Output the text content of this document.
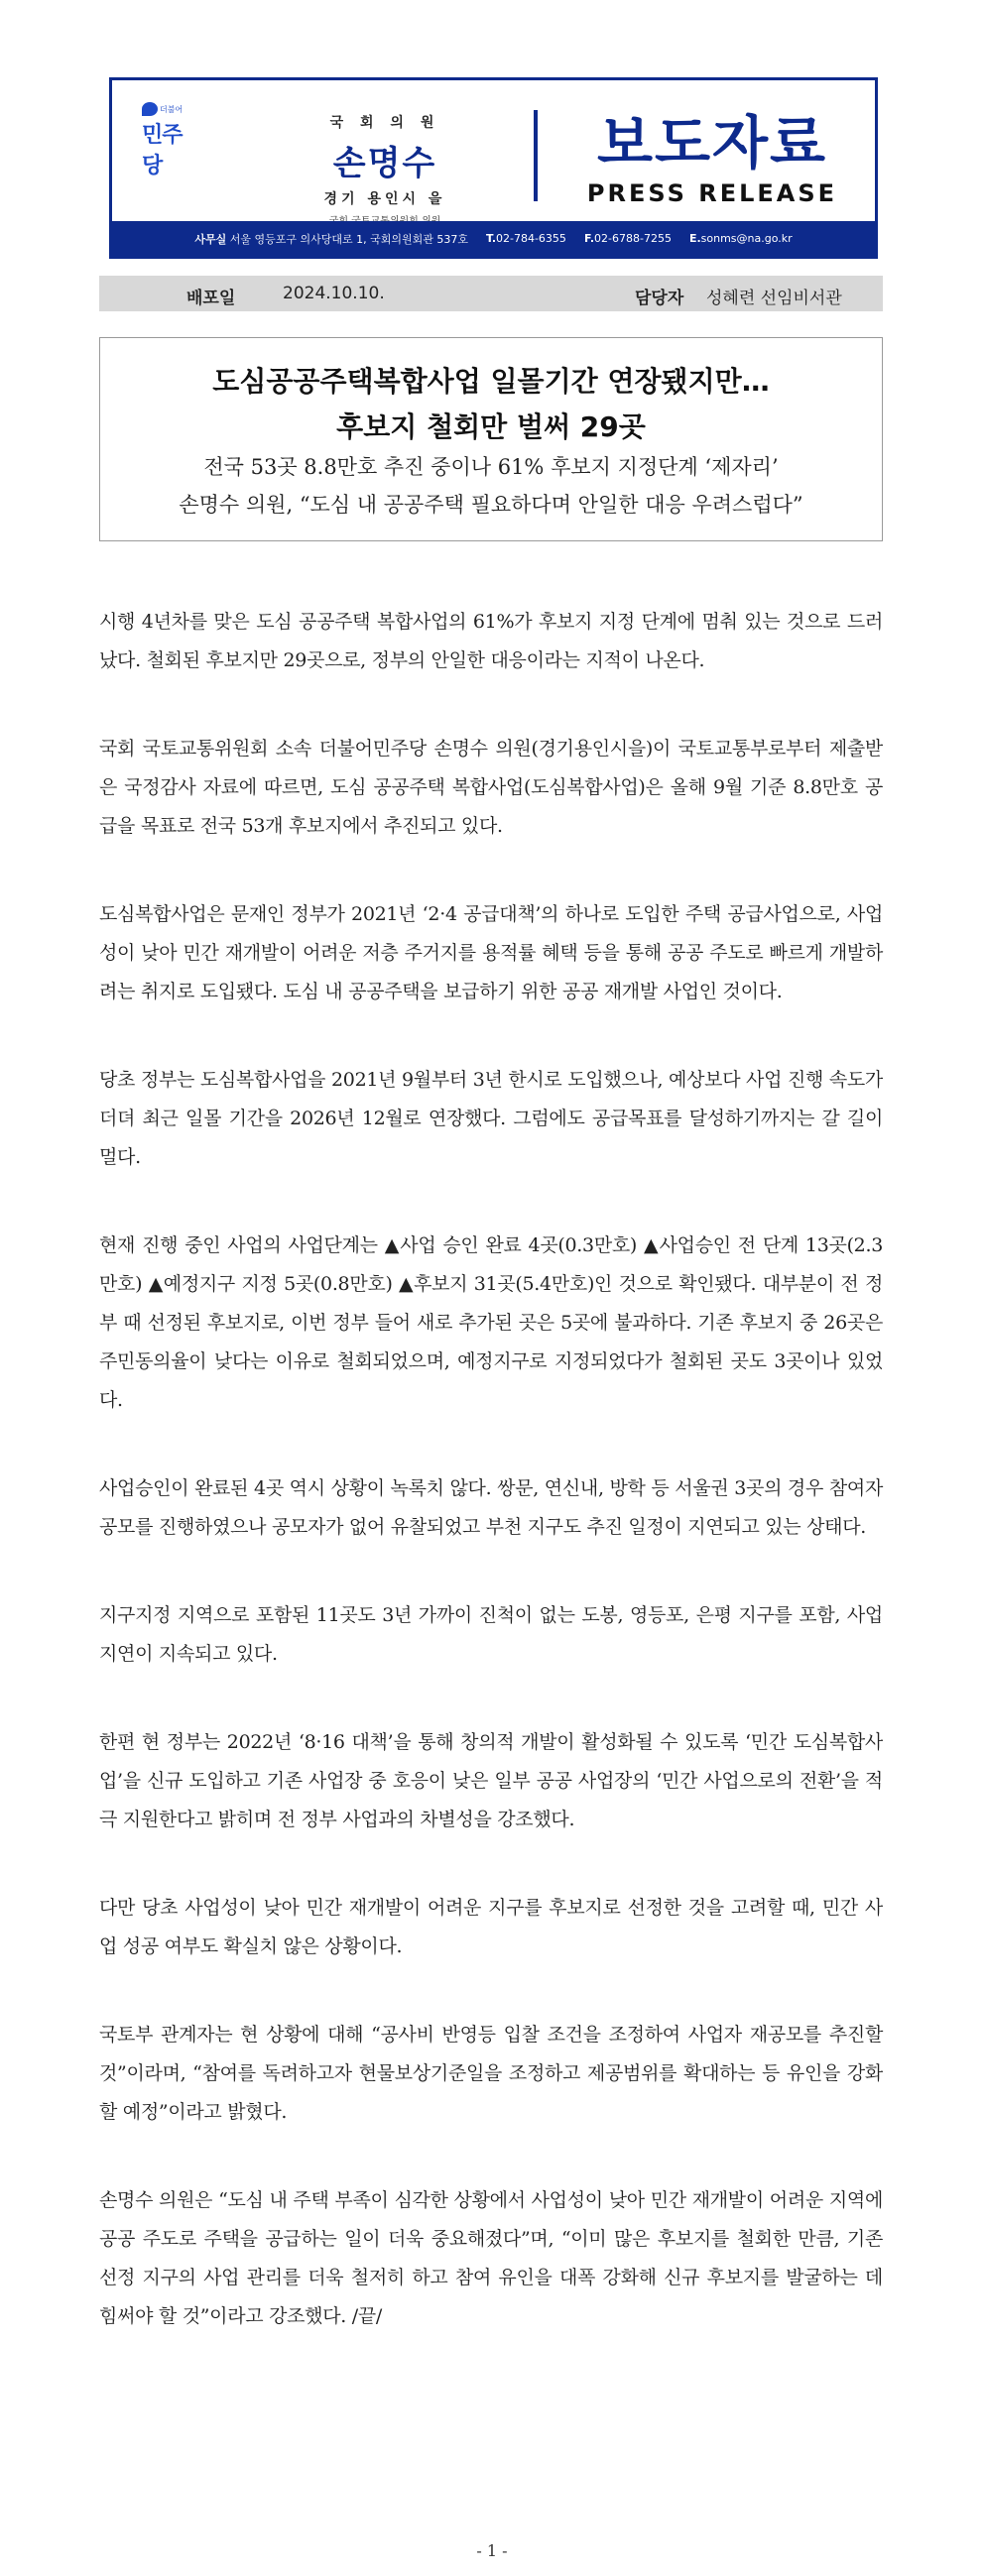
더불어
민주당
국 회 의 원
손명수
경기 용인시 을
보도자료
PRESS RELEASE
사무실 서울 영등포구 의사당대로 1, 국회의원회관 537호 T.02-784-6355 F.02-6788-7255 E.sonms@na.go.kr
배포일	2024.10.10.	담당자 성혜련 선임비서관
도심공공주택복합사업 일몰기간 연장됐지만…
후보지 철회만 벌써 29곳
전국 53곳 8.8만호 추진 중이나 61% 후보지 지정단계 ‘제자리’
손명수 의원, “도심 내 공공주택 필요하다며 안일한 대응 우려스럽다”

시행 4년차를 맞은 도심 공공주택 복합사업의 61%가 후보지 지정 단계에 멈춰 있는 것으로 드러났다. 철회된 후보지만 29곳으로, 정부의 안일한 대응이라는 지적이 나온다.

국회 국토교통위원회 소속 더불어민주당 손명수 의원(경기용인시을)이 국토교통부로부터 제출받은 국정감사 자료에 따르면, 도심 공공주택 복합사업(도심복합사업)은 올해 9월 기준 8.8만호 공급을 목표로 전국 53개 후보지에서 추진되고 있다.

도심복합사업은 문재인 정부가 2021년 ‘2·4 공급대책’의 하나로 도입한 주택 공급사업으로, 사업성이 낮아 민간 재개발이 어려운 저층 주거지를 용적률 혜택 등을 통해 공공 주도로 빠르게 개발하려는 취지로 도입됐다. 도심 내 공공주택을 보급하기 위한 공공 재개발 사업인 것이다.

당초 정부는 도심복합사업을 2021년 9월부터 3년 한시로 도입했으나, 예상보다 사업 진행 속도가 더뎌 최근 일몰 기간을 2026년 12월로 연장했다. 그럼에도 공급목표를 달성하기까지는 갈 길이 멀다.

현재 진행 중인 사업의 사업단계는 ▲사업 승인 완료 4곳(0.3만호) ▲사업승인 전 단계 13곳(2.3만호) ▲예정지구 지정 5곳(0.8만호) ▲후보지 31곳(5.4만호)인 것으로 확인됐다. 대부분이 전 정부 때 선정된 후보지로, 이번 정부 들어 새로 추가된 곳은 5곳에 불과하다. 기존 후보지 중 26곳은 주민동의율이 낮다는 이유로 철회되었으며, 예정지구로 지정되었다가 철회된 곳도 3곳이나 있었다.

사업승인이 완료된 4곳 역시 상황이 녹록치 않다. 쌍문, 연신내, 방학 등 서울권 3곳의 경우 참여자 공모를 진행하였으나 공모자가 없어 유찰되었고 부천 지구도 추진 일정이 지연되고 있는 상태다.

지구지정 지역으로 포함된 11곳도 3년 가까이 진척이 없는 도봉, 영등포, 은평 지구를 포함, 사업 지연이 지속되고 있다.

한편 현 정부는 2022년 ‘8·16 대책’을 통해 창의적 개발이 활성화될 수 있도록 ‘민간 도심복합사업’을 신규 도입하고 기존 사업장 중 호응이 낮은 일부 공공 사업장의 ‘민간 사업으로의 전환’을 적극 지원한다고 밝히며 전 정부 사업과의 차별성을 강조했다.

다만 당초 사업성이 낮아 민간 재개발이 어려운 지구를 후보지로 선정한 것을 고려할 때, 민간 사업 성공 여부도 확실치 않은 상황이다.

국토부 관계자는 현 상황에 대해 “공사비 반영등 입찰 조건을 조정하여 사업자 재공모를 추진할 것”이라며, “참여를 독려하고자 현물보상기준일을 조정하고 제공범위를 확대하는 등 유인을 강화할 예정”이라고 밝혔다.

손명수 의원은 “도심 내 주택 부족이 심각한 상황에서 사업성이 낮아 민간 재개발이 어려운 지역에 공공 주도로 주택을 공급하는 일이 더욱 중요해졌다”며, “이미 많은 후보지를 철회한 만큼, 기존 선정 지구의 사업 관리를 더욱 철저히 하고 참여 유인을 대폭 강화해 신규 후보지를 발굴하는 데 힘써야 할 것”이라고 강조했다. /끝/

- 1 -
